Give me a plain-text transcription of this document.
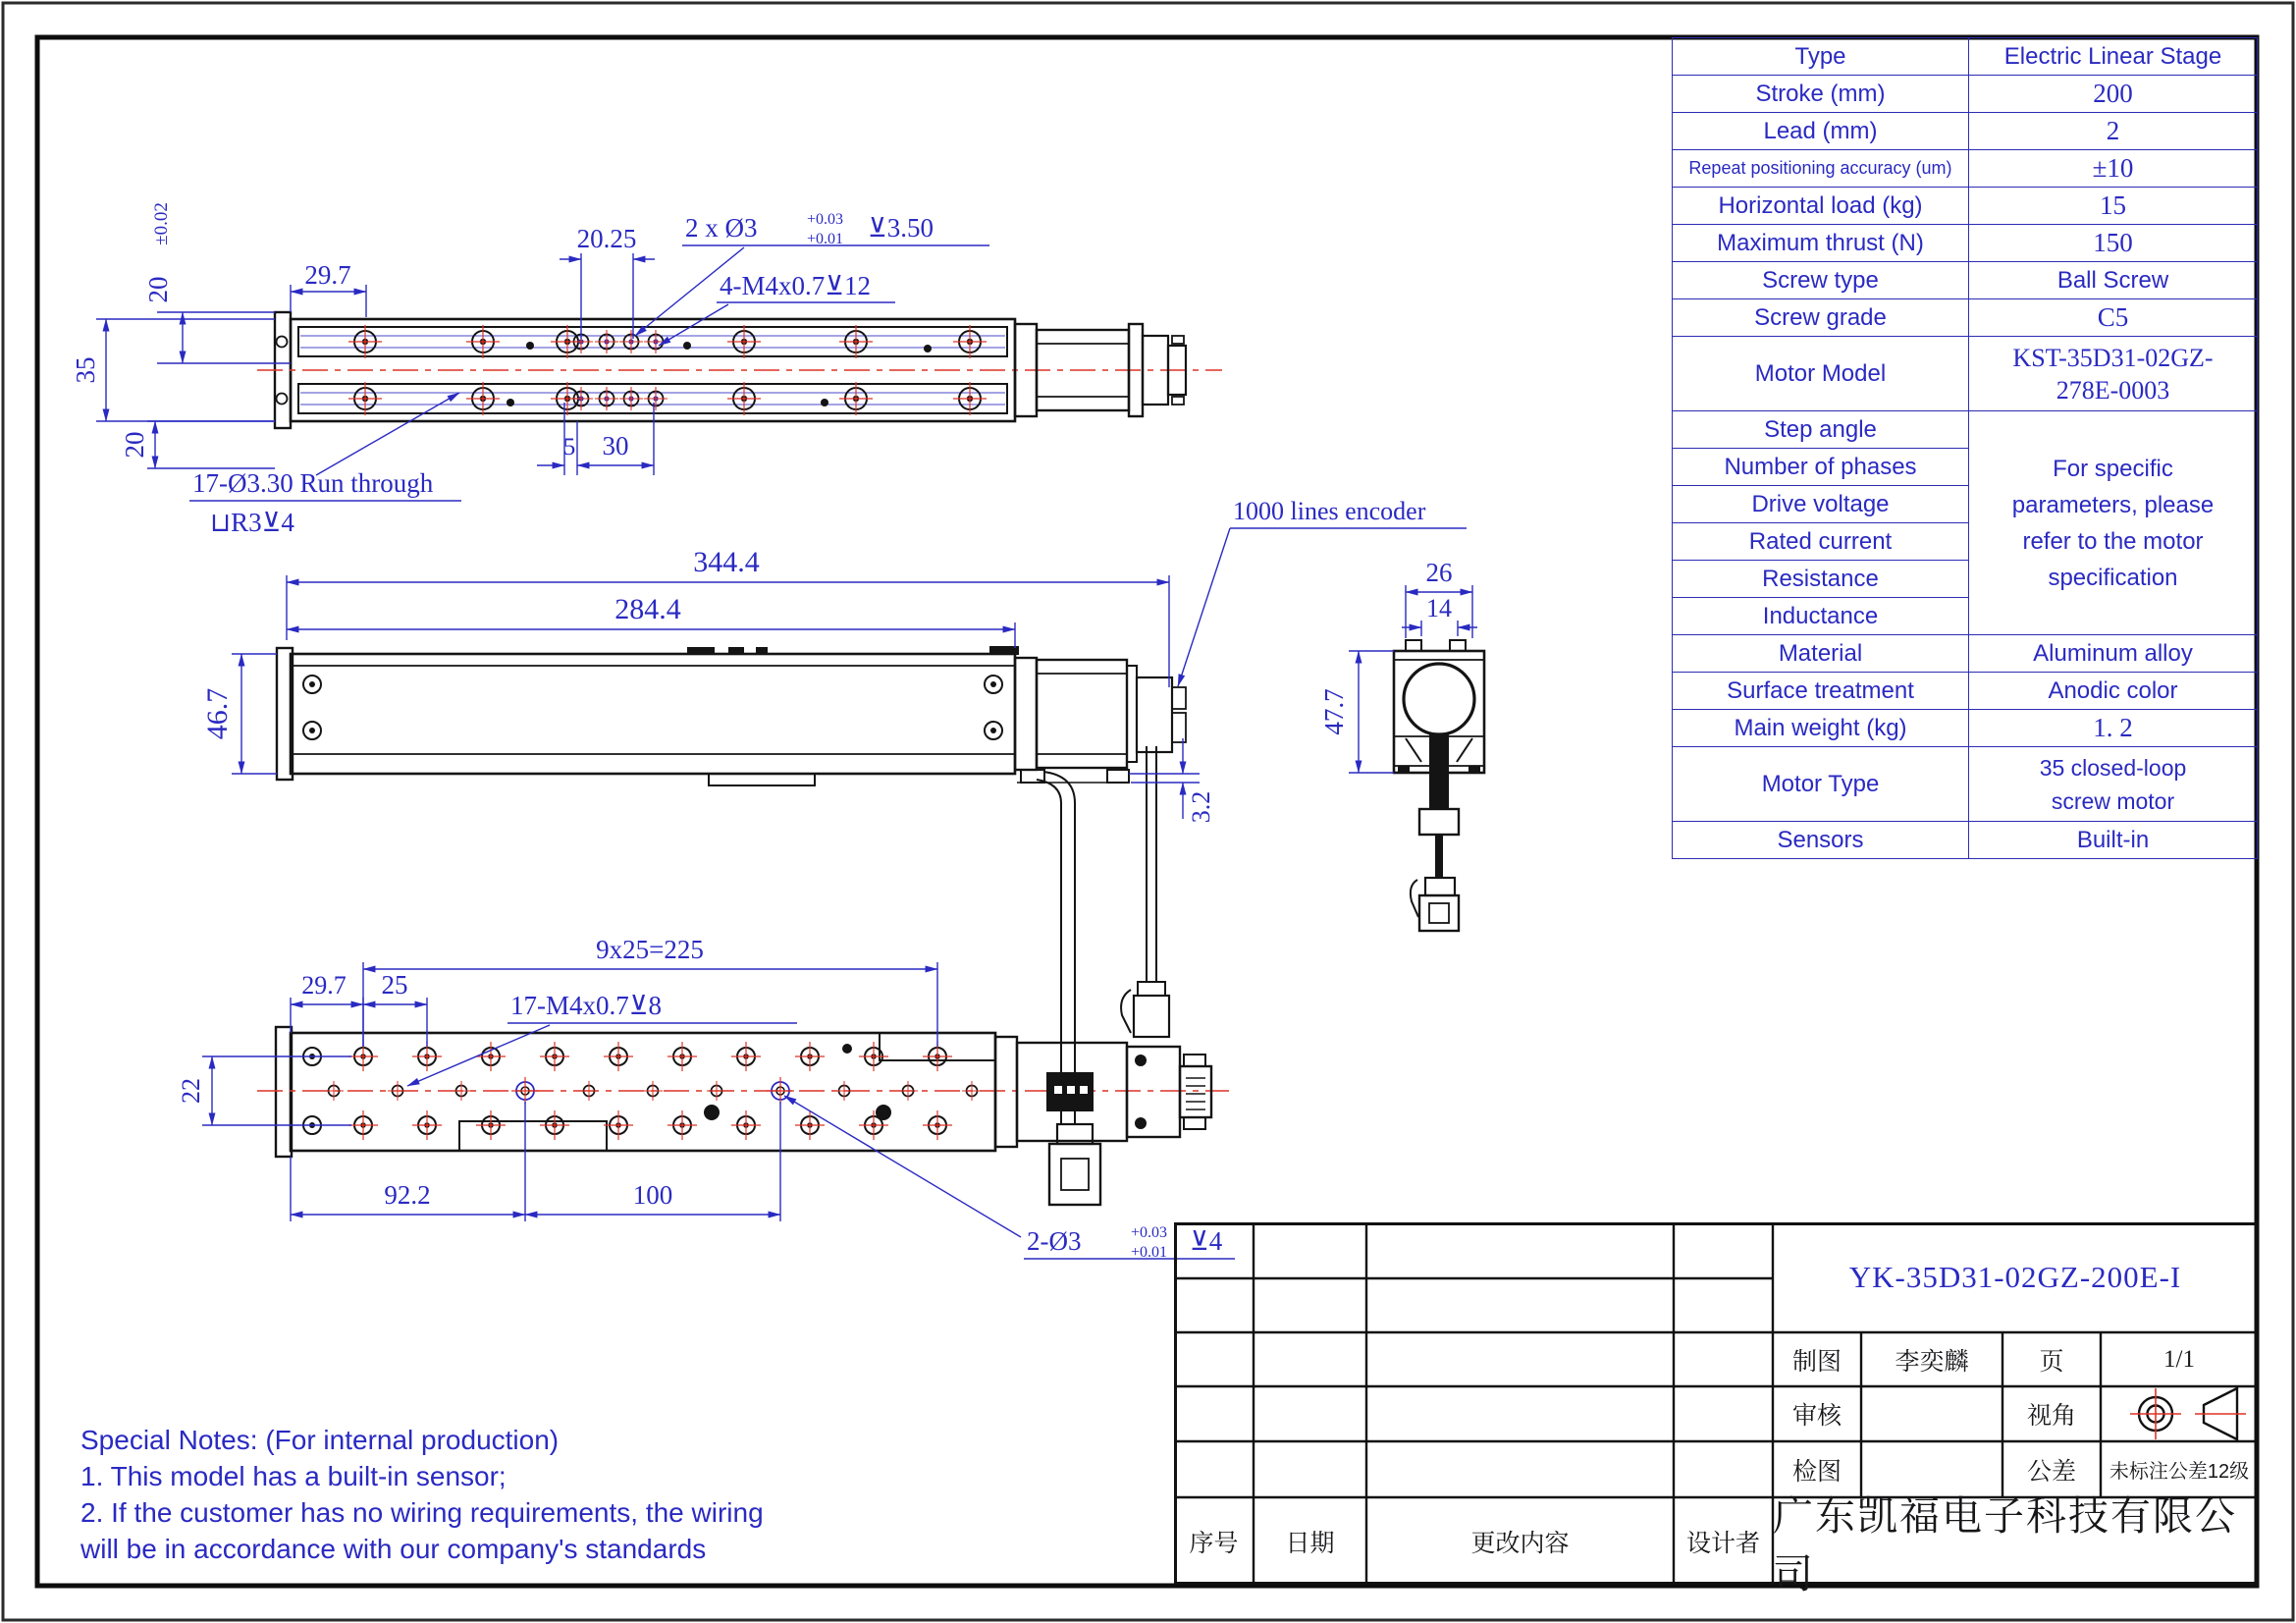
29.7
20.25 2 x Ø3	+0.03
+0.01 ⊻3.50
4-M4x0.7⊻12
20
±0.02
35
20	5 30
17-Ø3.30 Run through
⊔R3⊻4
344.4
284.4
46.7
3.2
1000 lines encoder
26
14
47.7
9x25=225
29.7 25
17-M4x0.7⊻8
22
92.2	100
2-Ø3	+0.03
+0.01 ⊻4
Type	Electric Linear Stage
Stroke (mm)	200
Lead (mm)	2
Repeat positioning accuracy (um)	±10
Horizontal load (kg)	15
Maximum thrust (N)	150
Screw type	Ball Screw
Screw grade	C5
Motor Model	KST-35D31-02GZ-
278E-0003

Step angle	For specific
parameters, please
refer to the motor
specification

Number of phases	
Drive voltage	
Rated current	
Resistance	
Inductance	
Material	Aluminum alloy
Surface treatment	Anodic color
Main weight (kg)	1. 2
Motor Type	35 closed-loop
screw motor

Sensors	Built-in
YK-35D31-02GZ-200E-I
制图	李奕麟	页	1/1
审核	视角
检图	公差	未标注公差12级
序号	日期	更改内容	设计者
广东凯福电子科技有限公司
Special Notes: (For internal production)
1. This model has a built-in sensor;
2. If the customer has no wiring requirements, the wiring
will be in accordance with our company's standards
